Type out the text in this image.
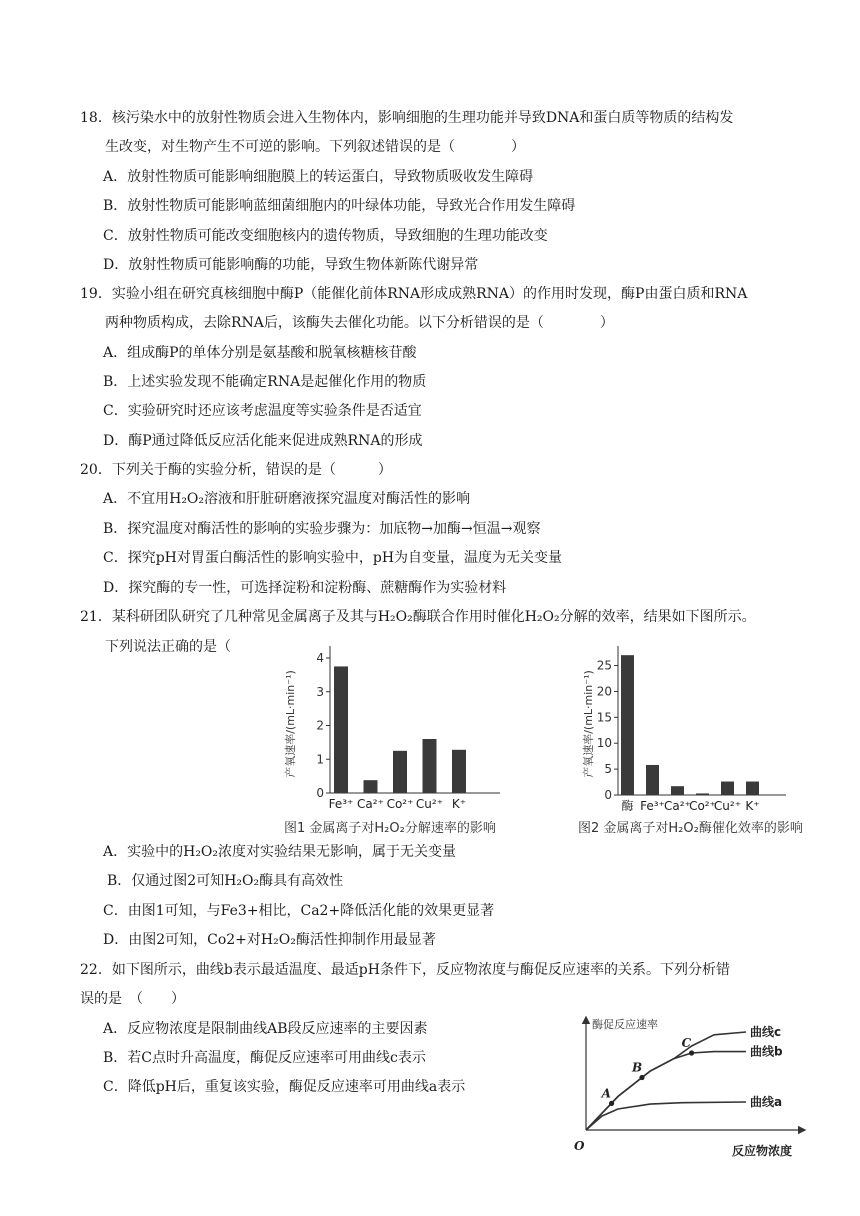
18．核污染水中的放射性物质会进入生物体内，影响细胞的生理功能并导致DNA和蛋白质等物质的结构发
生改变，对生物产生不可逆的影响。下列叙述错误的是（　　　　）
A．放射性物质可能影响细胞膜上的转运蛋白，导致物质吸收发生障碍
B．放射性物质可能影响蓝细菌细胞内的叶绿体功能，导致光合作用发生障碍
C．放射性物质可能改变细胞核内的遗传物质，导致细胞的生理功能改变
D．放射性物质可能影响酶的功能，导致生物体新陈代谢异常
19．实验小组在研究真核细胞中酶P（能催化前体RNA形成成熟RNA）的作用时发现，酶P由蛋白质和RNA
两种物质构成，去除RNA后，该酶失去催化功能。以下分析错误的是（　　　　）
A．组成酶P的单体分别是氨基酸和脱氧核糖核苷酸
B．上述实验发现不能确定RNA是起催化作用的物质
C．实验研究时还应该考虑温度等实验条件是否适宜
D．酶P通过降低反应活化能来促进成熟RNA的形成
20．下列关于酶的实验分析，错误的是（　　　）
A．不宜用H₂O₂溶液和肝脏研磨液探究温度对酶活性的影响
B．探究温度对酶活性的影响的实验步骤为：加底物→加酶→恒温→观察
C．探究pH对胃蛋白酶活性的影响实验中，pH为自变量，温度为无关变量
D．探究酶的专一性，可选择淀粉和淀粉酶、蔗糖酶作为实验材料
21．某科研团队研究了几种常见金属离子及其与H₂O₂酶联合作用时催化H₂O₂分解的效率，结果如下图所示。
下列说法正确的是（
产氧速率/(mL·min⁻¹)
0
1
2
3
4
Fe³⁺ Ca²⁺ Co²⁺ Cu²⁺ K⁺
图1 金属离子对H₂O₂分解速率的影响
产氧速率/(mL·min⁻¹)
0
5
10
15
20
25
酶 Fe³⁺ Ca²⁺
Co²⁺
Cu²⁺ K⁺
图2 金属离子对H₂O₂酶催化效率的影响
A．实验中的H₂O₂浓度对实验结果无影响，属于无关变量
B．仅通过图2可知H₂O₂酶具有高效性
C．由图1可知，与Fe3+相比，Ca2+降低活化能的效果更显著
D．由图2可知，Co2+对H₂O₂酶活性抑制作用最显著
22．如下图所示，曲线b表示最适温度、最适pH条件下，反应物浓度与酶促反应速率的关系。下列分析错
误的是　（　　）
A．反应物浓度是限制曲线AB段反应速率的主要因素
B．若C点时升高温度，酶促反应速率可用曲线c表示
C．降低pH后，重复该实验，酶促反应速率可用曲线a表示
酶促反应速率
反应物浓度
O
曲线c
曲线b
曲线a
A
B
C
